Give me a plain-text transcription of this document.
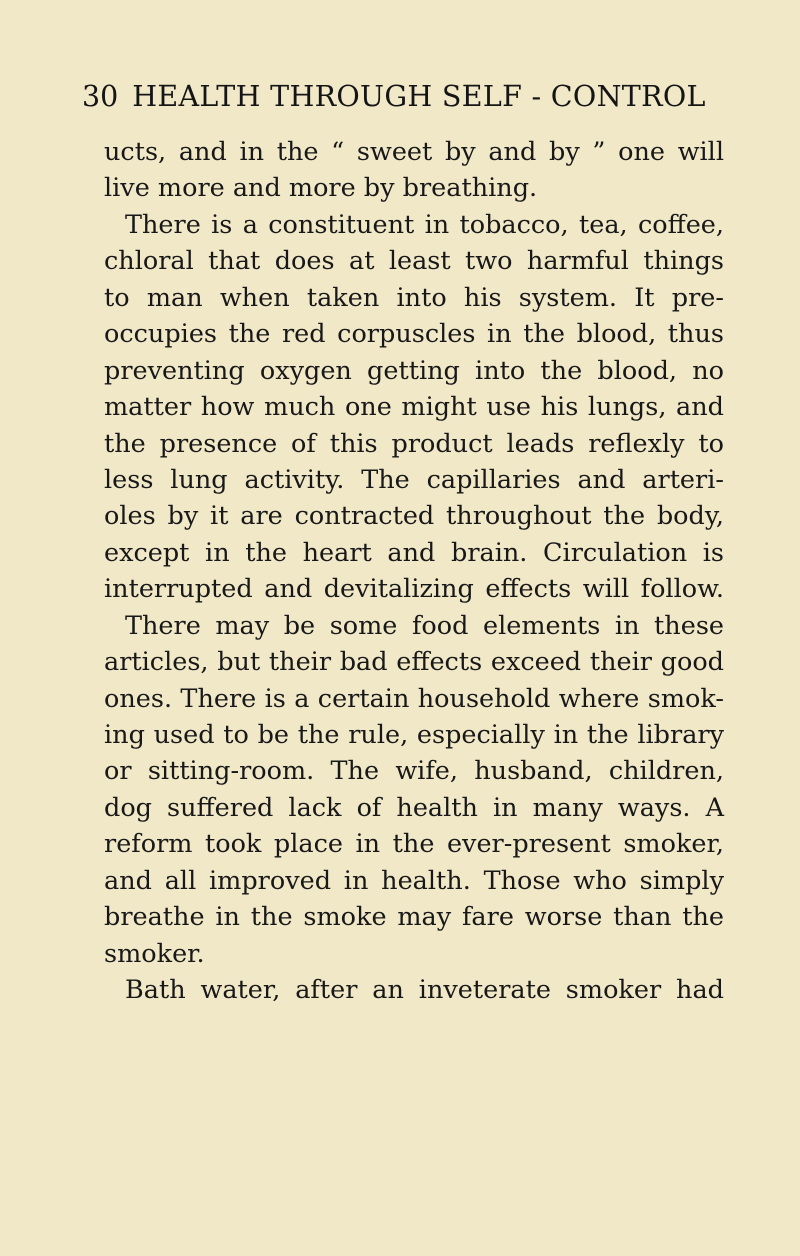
30 HEALTH THROUGH SELF - CONTROL
ucts, and in the “ sweet by and by ” one will
live more and more by breathing.
There is a constituent in tobacco, tea, coffee,
chloral that does at least two harmful things
to man when taken into his system. It pre-
occupies the red corpuscles in the blood, thus
preventing oxygen getting into the blood, no
matter how much one might use his lungs, and
the presence of this product leads reflexly to
less lung activity. The capillaries and arteri-
oles by it are contracted throughout the body,
except in the heart and brain. Circulation is
interrupted and devitalizing effects will follow.
There may be some food elements in these
articles, but their bad effects exceed their good
ones. There is a certain household where smok-
ing used to be the rule, especially in the library
or sitting-room. The wife, husband, children,
dog suffered lack of health in many ways. A
reform took place in the ever-present smoker,
and all improved in health. Those who simply
breathe in the smoke may fare worse than the
smoker.
Bath water, after an inveterate smoker had
